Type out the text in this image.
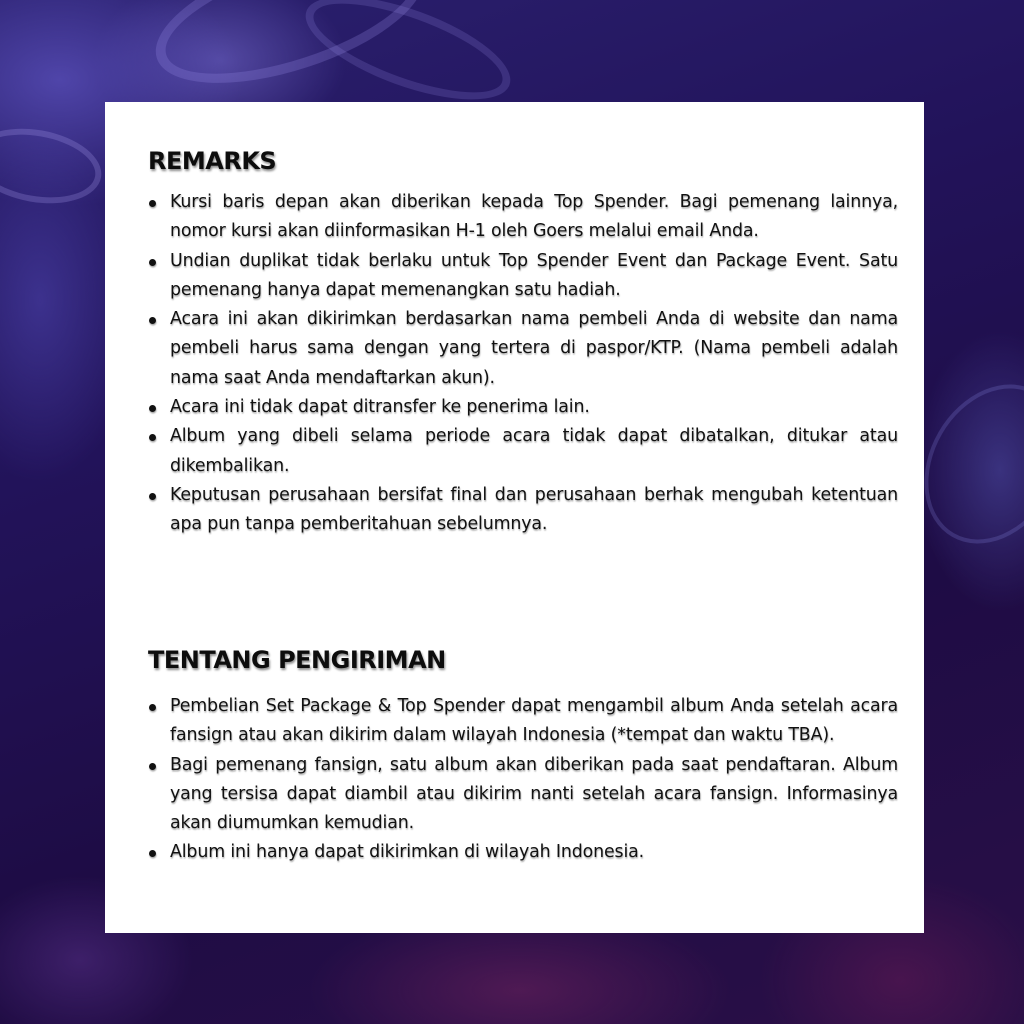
REMARKS
Kursi baris depan akan diberikan kepada Top Spender. Bagi pemenang lainnya, nomor kursi akan diinformasikan H-1 oleh Goers melalui email Anda.
Undian duplikat tidak berlaku untuk Top Spender Event dan Package Event. Satu pemenang hanya dapat memenangkan satu hadiah.
Acara ini akan dikirimkan berdasarkan nama pembeli Anda di website dan nama pembeli harus sama dengan yang tertera di paspor/KTP. (Nama pembeli adalah nama saat Anda mendaftarkan akun).
Acara ini tidak dapat ditransfer ke penerima lain.
Album yang dibeli selama periode acara tidak dapat dibatalkan, ditukar atau dikembalikan.
Keputusan perusahaan bersifat final dan perusahaan berhak mengubah ketentuan apa pun tanpa pemberitahuan sebelumnya.
TENTANG PENGIRIMAN
Pembelian Set Package & Top Spender dapat mengambil album Anda setelah acara fansign atau akan dikirim dalam wilayah Indonesia (*tempat dan waktu TBA).
Bagi pemenang fansign, satu album akan diberikan pada saat pendaftaran. Album yang tersisa dapat diambil atau dikirim nanti setelah acara fansign. Informasinya akan diumumkan kemudian.
Album ini hanya dapat dikirimkan di wilayah Indonesia.
